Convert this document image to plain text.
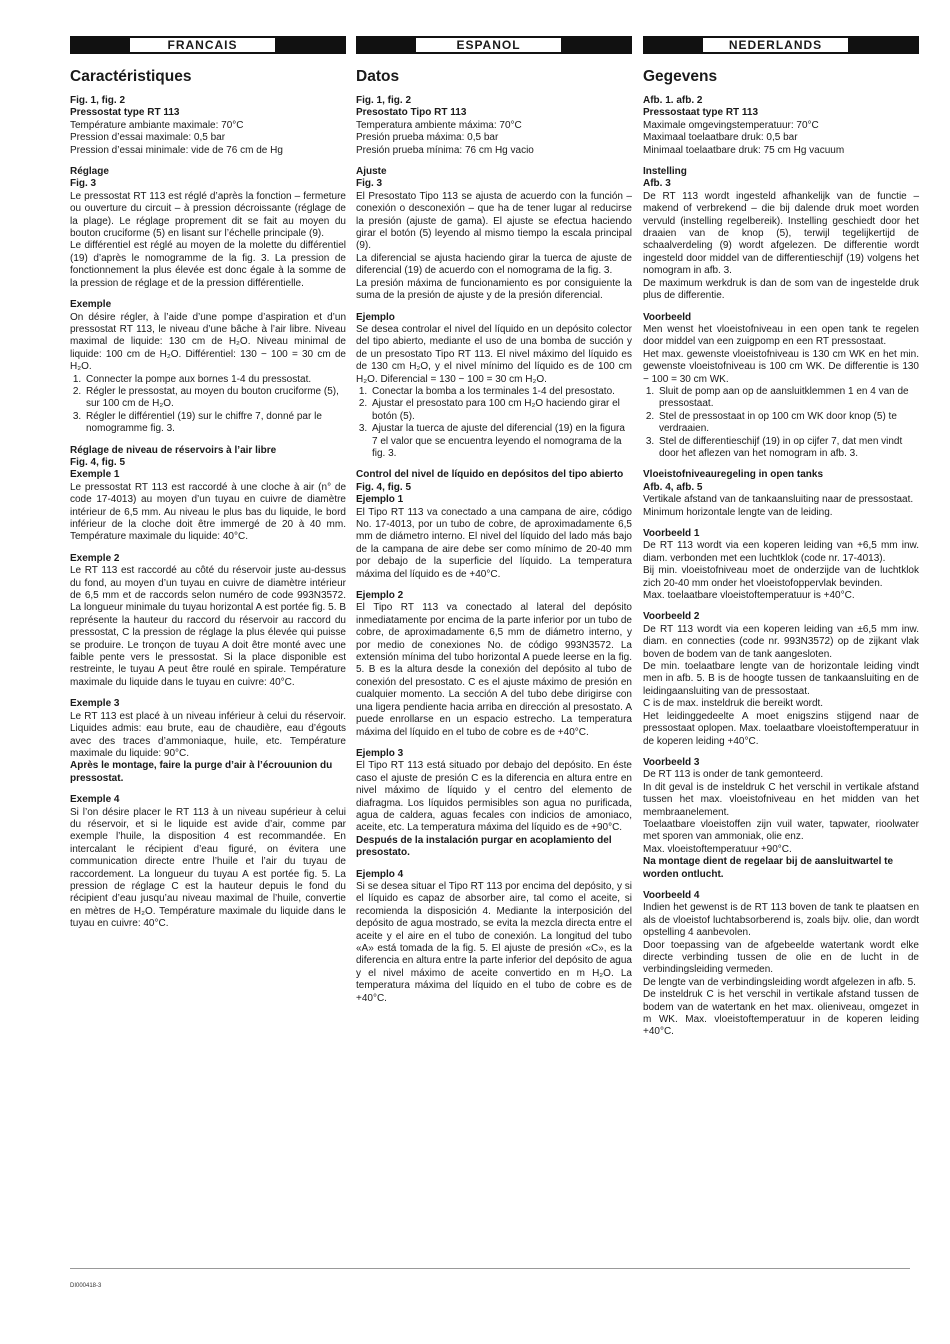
FRANCAIS
Caractéristiques
Fig. 1, fig. 2
Pressostat type RT 113
Température ambiante maximale: 70°C
Pression d’essai maximale: 0,5 bar
Pression d’essai minimale: vide de 76 cm de Hg
Réglage
Fig. 3
Le pressostat RT 113 est réglé d’après la fonction – fermeture ou ouverture du circuit – à pression décroissante (réglage de la plage). Le réglage proprement dit se fait au moyen du bouton cruciforme (5) en lisant sur l’échelle principale (9).
Le différentiel est réglé au moyen de la molette du différentiel (19) d’après le nomogramme de la fig. 3. La pression de fonctionnement la plus élevée est donc égale à la somme de la pression de réglage et de la pression différentielle.
Exemple
On désire régler, à l’aide d’une pompe d’aspiration et d’un pressostat RT 113, le niveau d’une bâche à l’air libre. Niveau maximal de liquide: 130 cm de H₂O. Niveau minimal de liquide: 100 cm de H₂O. Différentiel: 130 − 100 = 30 cm de H₂O.
1. Connecter la pompe aux bornes 1-4 du pressostat.
2. Régler le pressostat, au moyen du bouton cruciforme (5), sur 100 cm de H₂O.
3. Régler le différentiel (19) sur le chiffre 7, donné par le nomogramme fig. 3.
Réglage de niveau de réservoirs à l’air libre
Fig. 4, fig. 5
Exemple 1
Le pressostat RT 113 est raccordé à une cloche à air (n° de code 17-4013) au moyen d’un tuyau en cuivre de diamètre intérieur de 6,5 mm. Au niveau le plus bas du liquide, le bord inférieur de la cloche doit être immergé de 20 à 40 mm. Température maximale du liquide: 40°C.
Exemple 2
Le RT 113 est raccordé au côté du réservoir juste au-dessus du fond, au moyen d’un tuyau en cuivre de diamètre intérieur de 6,5 mm et de raccords selon numéro de code 993N3572. La longueur minimale du tuyau horizontal A est portée fig. 5. B représente la hauteur du raccord du réservoir au raccord du pressostat, C la pression de réglage la plus élevée qui puisse se produire. Le tronçon de tuyau A doit être monté avec une faible pente vers le pressostat. Si la place disponible est restreinte, le tuyau A peut être roulé en spirale. Température maximale du liquide dans le tuyau en cuivre: 40°C.
Exemple 3
Le RT 113 est placé à un niveau inférieur à celui du réservoir. Liquides admis: eau brute, eau de chaudière, eau d’égouts avec des traces d’ammoniaque, huile, etc. Température maximale du liquide: 90°C.
Après le montage, faire la purge d’air à l’écrouunion du pressostat.
Exemple 4
Si l’on désire placer le RT 113 à un niveau supérieur à celui du réservoir, et si le liquide est avide d’air, comme par exemple l’huile, la disposition 4 est recommandée. En intercalant le récipient d’eau figuré, on évitera une communication directe entre l’huile et l’air du tuyau de raccordement. La longueur du tuyau A est portée fig. 5. La pression de réglage C est la hauteur depuis le fond du récipient d’eau jusqu’au niveau maximal de l’huile, convertie en mètres de H₂O. Température maximale du liquide dans le tuyau en cuivre: 40°C.
ESPANOL
Datos
Fig. 1, fig. 2
Presostato Tipo RT 113
Temperatura ambiente máxima: 70°C
Presión prueba máxima: 0,5 bar
Presión prueba mínima: 76 cm Hg vacio
Ajuste
Fig. 3
El Presostato Tipo 113 se ajusta de acuerdo con la función – conexión o desconexión – que ha de tener lugar al reducirse la presión (ajuste de gama). El ajuste se efectua haciendo girar el botón (5) leyendo al mismo tiempo la escala principal (9).
La diferencial se ajusta haciendo girar la tuerca de ajuste de diferencial (19) de acuerdo con el nomograma de la fig. 3.
La presión máxima de funcionamiento es por consiguiente la suma de la presión de ajuste y de la presión diferencial.
Ejemplo
Se desea controlar el nivel del líquido en un depósito colector del tipo abierto, mediante el uso de una bomba de succión y de un presostato Tipo RT 113. El nivel máximo del líquido es de 130 cm H₂O, y el nivel mínimo del líquido es de 100 cm H₂O. Diferencial = 130 − 100 = 30 cm H₂O.
1. Conectar la bomba a los terminales 1-4 del presostato.
2. Ajustar el presostato para 100 cm H₂O haciendo girar el botón (5).
3. Ajustar la tuerca de ajuste del diferencial (19) en la figura 7 el valor que se encuentra leyendo el nomograma de la fig. 3.
Control del nivel de líquido en depósitos del tipo abierto
Fig. 4, fig. 5
Ejemplo 1
El Tipo RT 113 va conectado a una campana de aire, código No. 17-4013, por un tubo de cobre, de aproximadamente 6,5 mm de diámetro interno. El nivel del líquido del lado más bajo de la campana de aire debe ser como mínimo de 20-40 mm por debajo de la superficie del líquido. La temperatura máxima del líquido es de +40°C.
Ejemplo 2
El Tipo RT 113 va conectado al lateral del depósito inmediatamente por encima de la parte inferior por un tubo de cobre, de aproximadamente 6,5 mm de diámetro interno, y por medio de conexiones No. de código 993N3572. La extensión mínima del tubo horizontal A puede leerse en la fig. 5. B es la altura desde la conexión del depósito al tubo de conexión del presostato. C es el ajuste máximo de presión en cualquier momento. La sección A del tubo debe dirigirse con una ligera pendiente hacia arriba en dirección al presostato. A puede enrollarse en un espacio estrecho. La temperatura máxima del líquido en el tubo de cobre es de +40°C.
Ejemplo 3
El Tipo RT 113 está situado por debajo del depósito. En éste caso el ajuste de presión C es la diferencia en altura entre en nivel máximo de líquido y el centro del elemento de diafragma. Los líquidos permisibles son agua no purificada, agua de caldera, aguas fecales con indicios de amoniaco, aceite, etc. La temperatura máxima del líquido es de +90°C.
Después de la instalación purgar en acoplamiento del presostato.
Ejemplo 4
Si se desea situar el Tipo RT 113 por encima del depósito, y si el líquido es capaz de absorber aire, tal como el aceite, si recomienda la disposición 4. Mediante la interposición del depósito de agua mostrado, se evita la mezcla directa entre el aceite y el aire en el tubo de conexión. La longitud del tubo «A» está tomada de la fig. 5. El ajuste de presión «C», es la diferencia en altura entre la parte inferior del depósito de agua y el nivel máximo de aceite convertido en m H₂O. La temperatura máxima del líquido en el tubo de cobre es de +40°C.
NEDERLANDS
Gegevens
Afb. 1. afb. 2
Pressostaat type RT 113
Maximale omgevingstemperatuur: 70°C
Maximaal toelaatbare druk: 0,5 bar
Minimaal toelaatbare druk: 75 cm Hg vacuum
Instelling
Afb. 3
De RT 113 wordt ingesteld afhankelijk van de functie – makend of verbrekend – die bij dalende druk moet worden vervuld (instelling regelbereik). Instelling geschiedt door het draaien van de knop (5), terwijl tegelijkertijd de schaalverdeling (9) wordt afgelezen. De differentie wordt ingesteld door middel van de differentieschijf (19) volgens het nomogram in afb. 3.
De maximum werkdruk is dan de som van de ingestelde druk plus de differentie.
Voorbeeld
Men wenst het vloeistofniveau in een open tank te regelen door middel van een zuigpomp en een RT pressostaat.
Het max. gewenste vloeistofniveau is 130 cm WK en het min. gewenste vloeistofniveau is 100 cm WK. De differentie is 130 − 100 = 30 cm WK.
1. Sluit de pomp aan op de aansluitklemmen 1 en 4 van de pressostaat.
2. Stel de pressostaat in op 100 cm WK door knop (5) te verdraaien.
3. Stel de differentieschijf (19) in op cijfer 7, dat men vindt door het aflezen van het nomogram in afb. 3.
Vloeistofniveauregeling in open tanks
Afb. 4, afb. 5
Vertikale afstand van de tankaansluiting naar de pressostaat.
Minimum horizontale lengte van de leiding.
Voorbeeld 1
De RT 113 wordt via een koperen leiding van +6,5 mm inw. diam. verbonden met een luchtklok (code nr. 17-4013).
Bij min. vloeistofniveau moet de onderzijde van de luchtklok zich 20-40 mm onder het vloeistofoppervlak bevinden.
Max. toelaatbare vloeistoftemperatuur is +40°C.
Voorbeeld 2
De RT 113 wordt via een koperen leiding van ±6,5 mm inw. diam. en connecties (code nr. 993N3572) op de zijkant vlak boven de bodem van de tank aangesloten.
De min. toelaatbare lengte van de horizontale leiding vindt men in afb. 5. B is de hoogte tussen de tankaansluiting en de leidingaansluiting van de pressostaat.
C is de max. insteldruk die bereikt wordt.
Het leidinggedeelte A moet enigszins stijgend naar de pressostaat oplopen. Max. toelaatbare vloeistoftemperatuur in de koperen leiding +40°C.
Voorbeeld 3
De RT 113 is onder de tank gemonteerd.
In dit geval is de insteldruk C het verschil in vertikale afstand tussen het max. vloeistofniveau en het midden van het membraanelement.
Toelaatbare vloeistoffen zijn vuil water, tapwater, rioolwater met sporen van ammoniak, olie enz.
Max. vloeistoftemperatuur +90°C.
Na montage dient de regelaar bij de aansluitwartel te worden ontlucht.
Voorbeeld 4
Indien het gewenst is de RT 113 boven de tank te plaatsen en als de vloeistof luchtabsorberend is, zoals bijv. olie, dan wordt opstelling 4 aanbevolen.
Door toepassing van de afgebeelde watertank wordt elke directe verbinding tussen de olie en de lucht in de verbindingsleiding vermeden.
De lengte van de verbindingsleiding wordt afgelezen in afb. 5.
De insteldruk C is het verschil in vertikale afstand tussen de bodem van de watertank en het max. olieniveau, omgezet in m WK. Max. vloeistoftemperatuur in de koperen leiding +40°C.
DI000418-3
